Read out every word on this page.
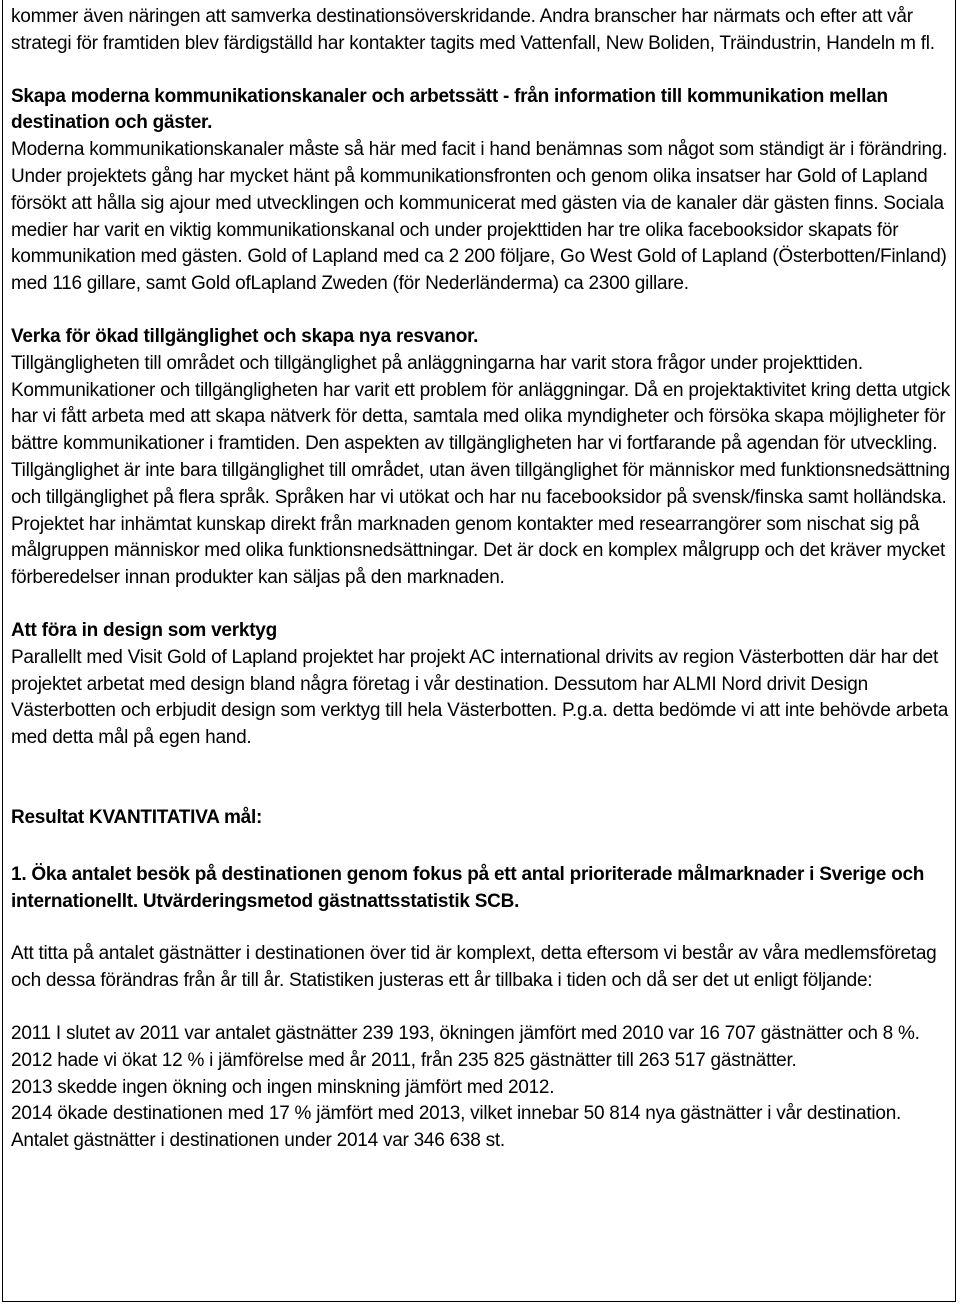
kommer även näringen att samverka destinationsöverskridande. Andra branscher har närmats och efter att vår strategi för framtiden blev färdigställd har kontakter tagits med Vattenfall, New Boliden, Träindustrin, Handeln m fl.

Skapa moderna kommunikationskanaler och arbetssätt - från information till kommunikation mellan destination och gäster.

Moderna kommunikationskanaler måste så här med facit i hand benämnas som något som ständigt är i förändring. Under projektets gång har mycket hänt på kommunikationsfronten och genom olika insatser har Gold of Lapland försökt att hålla sig ajour med utvecklingen och kommunicerat med gästen via de kanaler där gästen finns. Sociala medier har varit en viktig kommunikationskanal och under projekttiden har tre olika facebooksidor skapats för kommunikation med gästen. Gold of Lapland med ca 2 200 följare, Go West Gold of Lapland (Österbotten/Finland) med 116 gillare, samt Gold ofLapland Zweden (för Nederländerma) ca 2300 gillare.

Verka för ökad tillgänglighet och skapa nya resvanor.

Tillgängligheten till området och tillgänglighet på anläggningarna har varit stora frågor under projekttiden. Kommunikationer och tillgängligheten har varit ett problem för anläggningar. Då en projektaktivitet kring detta utgick har vi fått arbeta med att skapa nätverk för detta, samtala med olika myndigheter och försöka skapa möjligheter för bättre kommunikationer i framtiden. Den aspekten av tillgängligheten har vi fortfarande på agendan för utveckling. Tillgänglighet är inte bara tillgänglighet till området, utan även tillgänglighet för människor med funktionsnedsättning och tillgänglighet på flera språk. Språken har vi utökat och har nu facebooksidor på svensk/finska samt holländska. Projektet har inhämtat kunskap direkt från marknaden genom kontakter med researrangörer som nischat sig på målgruppen människor med olika funktionsnedsättningar. Det är dock en komplex målgrupp och det kräver mycket förberedelser innan produkter kan säljas på den marknaden.

Att föra in design som verktyg

Parallellt med Visit Gold of Lapland projektet har projekt AC international drivits av region Västerbotten där har det projektet arbetat med design bland några företag i vår destination. Dessutom har ALMI Nord drivit Design Västerbotten och erbjudit design som verktyg till hela Västerbotten. P.g.a. detta bedömde vi att inte behövde arbeta med detta mål på egen hand.

Resultat KVANTITATIVA mål:

1. Öka antalet besök på destinationen genom fokus på ett antal prioriterade målmarknader i Sverige och internationellt. Utvärderingsmetod gästnattsstatistik SCB.

Att titta på antalet gästnätter i destinationen över tid är komplext, detta eftersom vi består av våra medlemsföretag och dessa förändras från år till år. Statistiken justeras ett år tillbaka i tiden och då ser det ut enligt följande:

2011 I slutet av 2011 var antalet gästnätter 239 193, ökningen jämfört med 2010 var 16 707 gästnätter och 8 %.

2012 hade vi ökat 12 % i jämförelse med år 2011, från 235 825 gästnätter till 263 517 gästnätter.

2013 skedde ingen ökning och ingen minskning jämfört med 2012.

2014 ökade destinationen med 17 % jämfört med 2013, vilket innebar 50 814 nya gästnätter i vår destination. Antalet gästnätter i destinationen under 2014 var 346 638 st.
